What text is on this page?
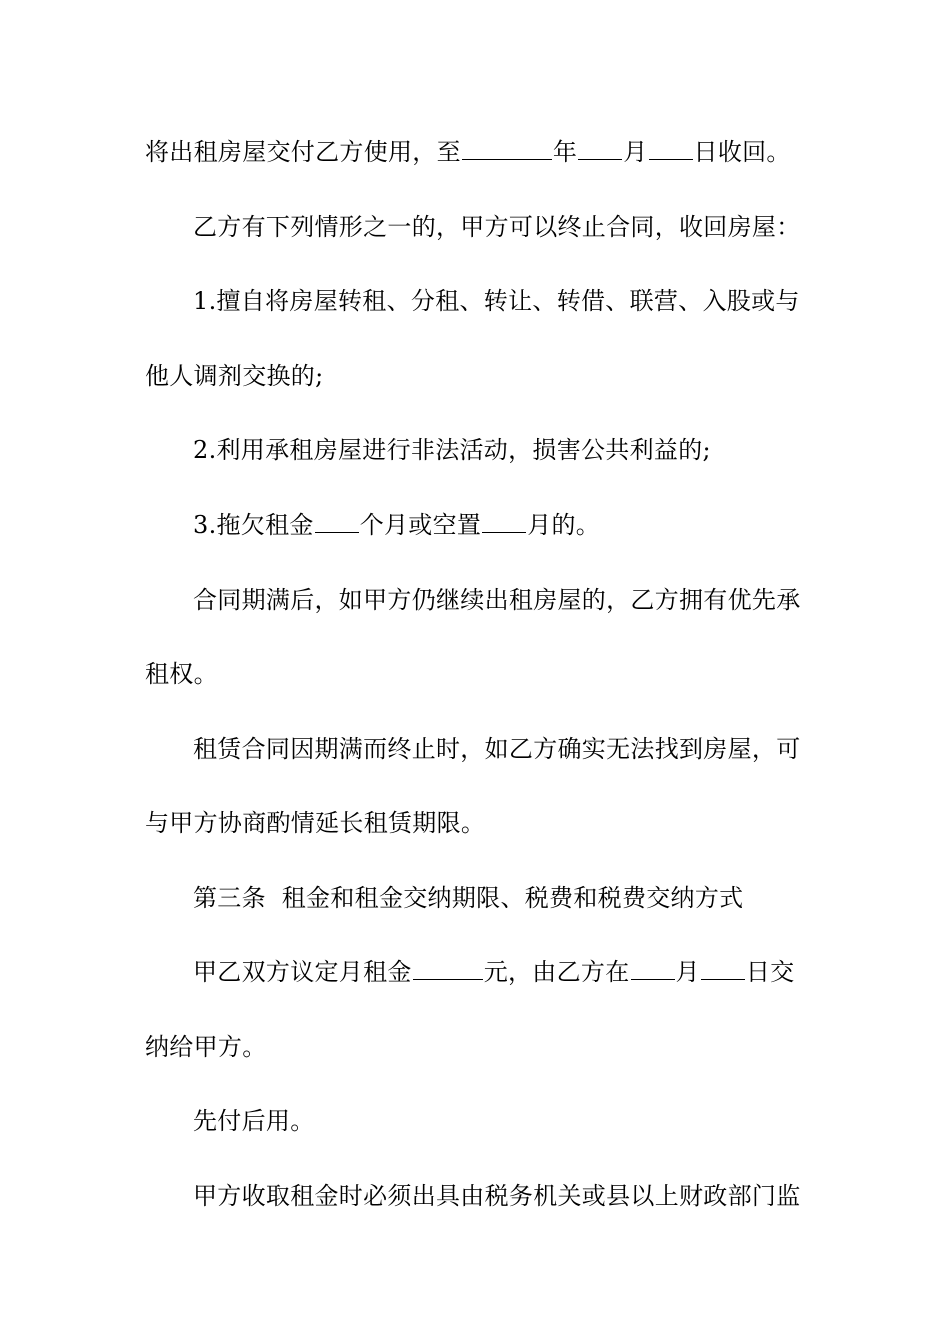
将出租房屋交付乙方使用，至	年 月 日收回。
乙方有下列情形之一的，甲方可以终止合同，收回房屋：
1.擅自将房屋转租、分租、转让、转借、联营、入股或与
他人调剂交换的;
2.利用承租房屋进行非法活动，损害公共利益的;
3.拖欠租金 个月或空置 月的。
合同期满后，如甲方仍继续出租房屋的，乙方拥有优先承
租权。
租赁合同因期满而终止时，如乙方确实无法找到房屋，可
与甲方协商酌情延长租赁期限。
第三条  租金和租金交纳期限、税费和税费交纳方式
甲乙双方议定月租金	元，由乙方在 月 日交
纳给甲方。
先付后用。
甲方收取租金时必须出具由税务机关或县以上财政部门监
